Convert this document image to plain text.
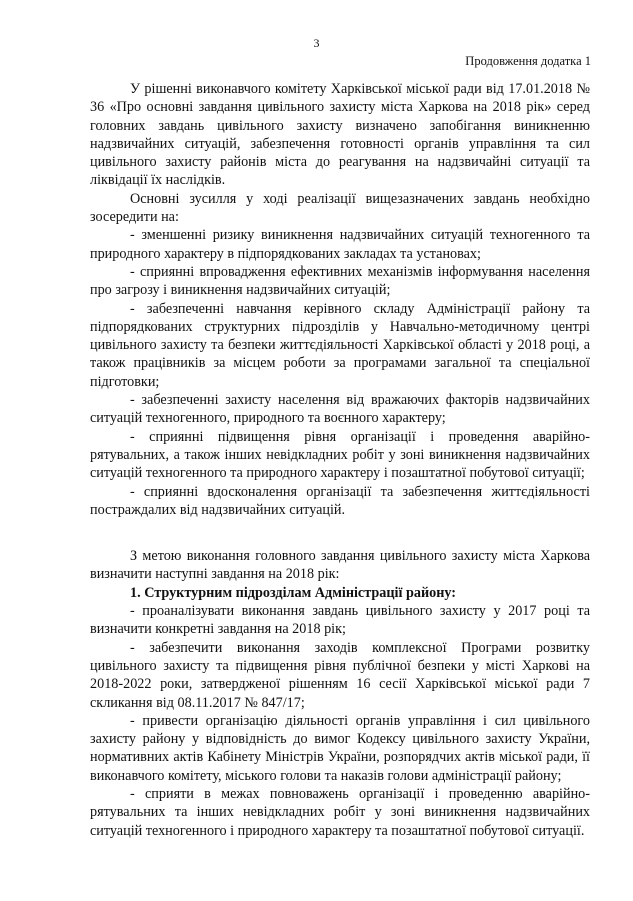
3
Продовження додатка 1

У рішенні виконавчого комітету Харківської міської ради від 17.01.2018 № 36 «Про основні завдання цивільного захисту міста Харкова на 2018 рік» серед головних завдань цивільного захисту визначено запобігання виникненню надзвичайних ситуацій, забезпечення готовності органів управління та сил цивільного захисту районів міста до реагування на надзвичайні ситуації та ліквідації їх наслідків.

Основні зусилля у ході реалізації вищезазначених завдань необхідно зосередити на:

- зменшенні ризику виникнення надзвичайних ситуацій техногенного та природного характеру в підпорядкованих закладах та установах;

- сприянні впровадження ефективних механізмів інформування населення про загрозу і виникнення надзвичайних ситуацій;

- забезпеченні навчання керівного складу Адміністрації району та підпорядкованих структурних підрозділів у Навчально-методичному центрі цивільного захисту та безпеки життєдіяльності Харківської області у 2018 році, а також працівників за місцем роботи за програмами загальної та спеціальної підготовки;

- забезпеченні захисту населення від вражаючих факторів надзвичайних ситуацій техногенного, природного та воєнного характеру;

- сприянні підвищення рівня організації і проведення аварійно-рятувальних, а також інших невідкладних робіт у зоні виникнення надзвичайних ситуацій техногенного та природного характеру і позаштатної побутової ситуації;

- сприянні вдосконалення організації та забезпечення життєдіяльності постраждалих від надзвичайних ситуацій.

З метою виконання головного завдання цивільного захисту міста Харкова визначити наступні завдання на 2018 рік:

1. Структурним підрозділам Адміністрації району:

- проаналізувати виконання завдань цивільного захисту у 2017 році та визначити конкретні завдання на 2018 рік;

- забезпечити виконання заходів комплексної Програми розвитку цивільного захисту та підвищення рівня публічної безпеки у місті Харкові на 2018-2022 роки, затвердженої рішенням 16 сесії Харківської міської ради 7 скликання від 08.11.2017 № 847/17;

- привести організацію діяльності органів управління і сил цивільного захисту району у відповідність до вимог Кодексу цивільного захисту України, нормативних актів Кабінету Міністрів України, розпорядчих актів міської ради, її виконавчого комітету, міського голови та наказів голови адміністрації району;

- сприяти в межах повноважень організації і проведенню аварійно-рятувальних та інших невідкладних робіт у зоні виникнення надзвичайних ситуацій техногенного і природного характеру та позаштатної побутової ситуації.
